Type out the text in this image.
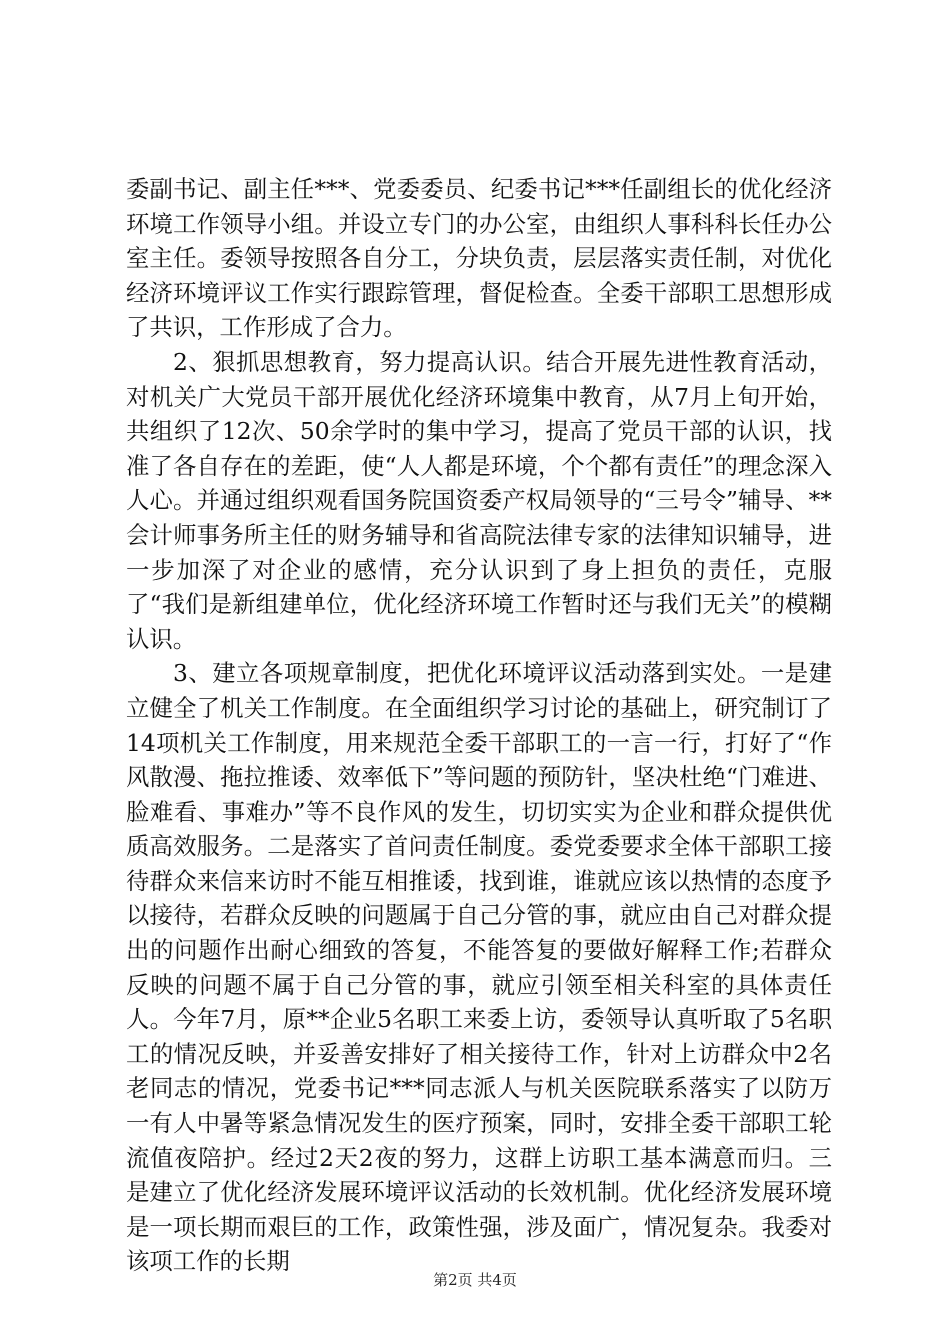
委副书记、副主任***、党委委员、纪委书记***任副组长的优化经济环境工作领导小组。并设立专门的办公室，由组织人事科科长任办公室主任。委领导按照各自分工，分块负责，层层落实责任制，对优化经济环境评议工作实行跟踪管理，督促检查。全委干部职工思想形成了共识，工作形成了合力。

2、狠抓思想教育，努力提高认识。结合开展先进性教育活动，对机关广大党员干部开展优化经济环境集中教育，从7月上旬开始，共组织了12次、50余学时的集中学习，提高了党员干部的认识，找准了各自存在的差距，使“人人都是环境，个个都有责任”的理念深入人心。并通过组织观看国务院国资委产权局领导的“三号令”辅导、**会计师事务所主任的财务辅导和省高院法律专家的法律知识辅导，进一步加深了对企业的感情，充分认识到了身上担负的责任，克服了“我们是新组建单位，优化经济环境工作暂时还与我们无关”的模糊认识。

3、建立各项规章制度，把优化环境评议活动落到实处。一是建立健全了机关工作制度。在全面组织学习讨论的基础上，研究制订了14项机关工作制度，用来规范全委干部职工的一言一行，打好了“作风散漫、拖拉推诿、效率低下”等问题的预防针，坚决杜绝“门难进、脸难看、事难办”等不良作风的发生，切切实实为企业和群众提供优质高效服务。二是落实了首问责任制度。委党委要求全体干部职工接待群众来信来访时不能互相推诿，找到谁，谁就应该以热情的态度予以接待，若群众反映的问题属于自己分管的事，就应由自己对群众提出的问题作出耐心细致的答复，不能答复的要做好解释工作;若群众反映的问题不属于自己分管的事，就应引领至相关科室的具体责任人。今年7月，原**企业5名职工来委上访，委领导认真听取了5名职工的情况反映，并妥善安排好了相关接待工作，针对上访群众中2名老同志的情况，党委书记***同志派人与机关医院联系落实了以防万一有人中暑等紧急情况发生的医疗预案，同时，安排全委干部职工轮流值夜陪护。经过2天2夜的努力，这群上访职工基本满意而归。三是建立了优化经济发展环境评议活动的长效机制。优化经济发展环境是一项长期而艰巨的工作，政策性强，涉及面广，情况复杂。我委对该项工作的长期

第2页 共4页
